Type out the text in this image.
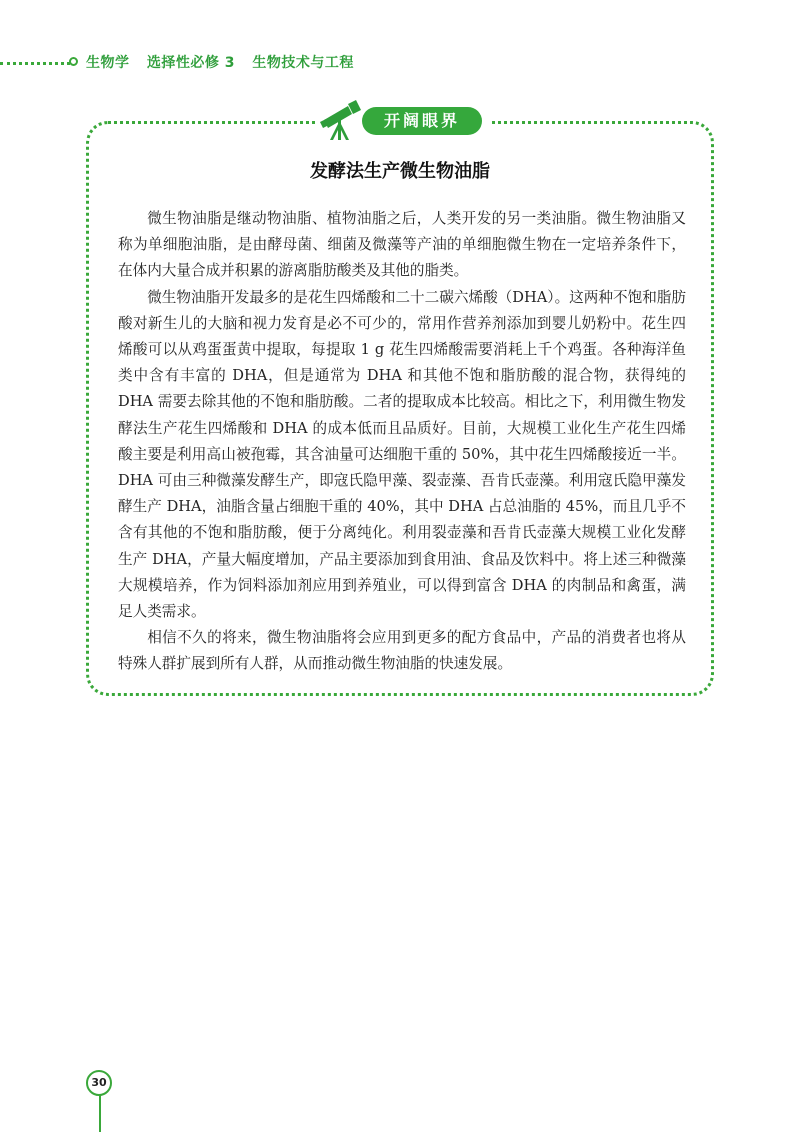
生物学 选择性必修 3 生物技术与工程
开阔眼界
发酵法生产微生物油脂

微生物油脂是继动物油脂、植物油脂之后，人类开发的另一类油脂。微生物油脂又称为单细胞油脂，是由酵母菌、细菌及微藻等产油的单细胞微生物在一定培养条件下，在体内大量合成并积累的游离脂肪酸类及其他的脂类。

微生物油脂开发最多的是花生四烯酸和二十二碳六烯酸（DHA）。这两种不饱和脂肪酸对新生儿的大脑和视力发育是必不可少的，常用作营养剂添加到婴儿奶粉中。花生四烯酸可以从鸡蛋蛋黄中提取，每提取 1 g 花生四烯酸需要消耗上千个鸡蛋。各种海洋鱼类中含有丰富的 DHA，但是通常为 DHA 和其他不饱和脂肪酸的混合物，获得纯的 DHA 需要去除其他的不饱和脂肪酸。二者的提取成本比较高。相比之下，利用微生物发酵法生产花生四烯酸和 DHA 的成本低而且品质好。目前，大规模工业化生产花生四烯酸主要是利用高山被孢霉，其含油量可达细胞干重的 50%，其中花生四烯酸接近一半。DHA 可由三种微藻发酵生产，即寇氏隐甲藻、裂壶藻、吾肯氏壶藻。利用寇氏隐甲藻发酵生产 DHA，油脂含量占细胞干重的 40%，其中 DHA 占总油脂的 45%，而且几乎不含有其他的不饱和脂肪酸，便于分离纯化。利用裂壶藻和吾肯氏壶藻大规模工业化发酵生产 DHA，产量大幅度增加，产品主要添加到食用油、食品及饮料中。将上述三种微藻大规模培养，作为饲料添加剂应用到养殖业，可以得到富含 DHA 的肉制品和禽蛋，满足人类需求。

相信不久的将来，微生物油脂将会应用到更多的配方食品中，产品的消费者也将从特殊人群扩展到所有人群，从而推动微生物油脂的快速发展。

30
